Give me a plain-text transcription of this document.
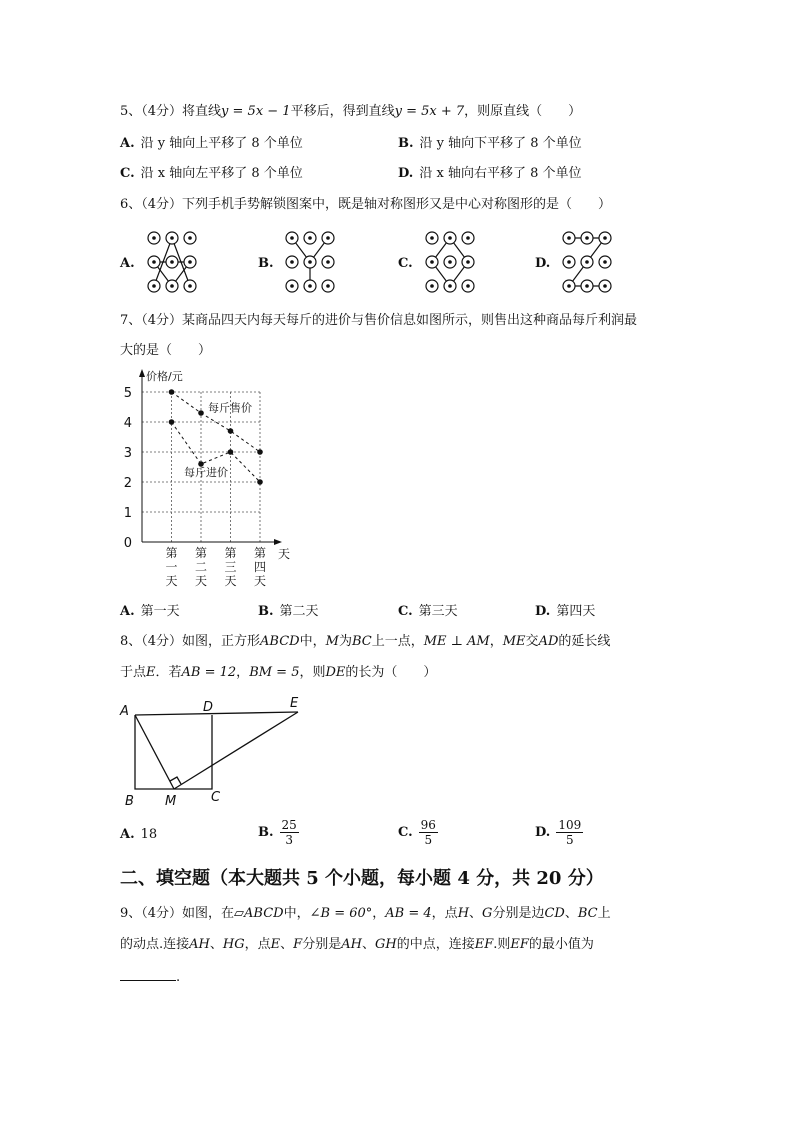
5、（4分）将直线y = 5x − 1平移后，得到直线y = 5x + 7，则原直线（　　）
A. 沿 y 轴向上平移了 8 个单位	B. 沿 y 轴向下平移了 8 个单位
C. 沿 x 轴向左平移了 8 个单位	D. 沿 x 轴向右平移了 8 个单位
6、（4分）下列手机手势解锁图案中，既是轴对称图形又是中心对称图形的是（　　）
A.	B.	C.	D.
7、（4分）某商品四天内每天每斤的进价与售价信息如图所示，则售出这种商品每斤利润最
大的是（　　）
0
1
2
3
4
5
价格/元
天
第
一
天
第
二
天
第
三
天
第
四
天
每斤售价
每斤进价
A. 第一天	B. 第二天	C. 第三天	D. 第四天
8、（4分）如图，正方形ABCD中，M为BC上一点，ME ⊥ AM，ME交AD的延长线
于点E．若AB = 12，BM = 5，则DE的长为（　　）
A	D	E
B M	C
A. 18	B. $\frac{25}{3}$	C. $\frac{96}{5}$	D. $\frac{109}{5}$
二、填空题（本大题共 5 个小题，每小题 4 分，共 20 分）
9、（4分）如图，在▱ABCD中，∠B = 60°，AB = 4，点H、G分别是边CD、BC上
的动点.连接AH、HG，点E、F分别是AH、GH的中点，连接EF.则EF的最小值为
.
